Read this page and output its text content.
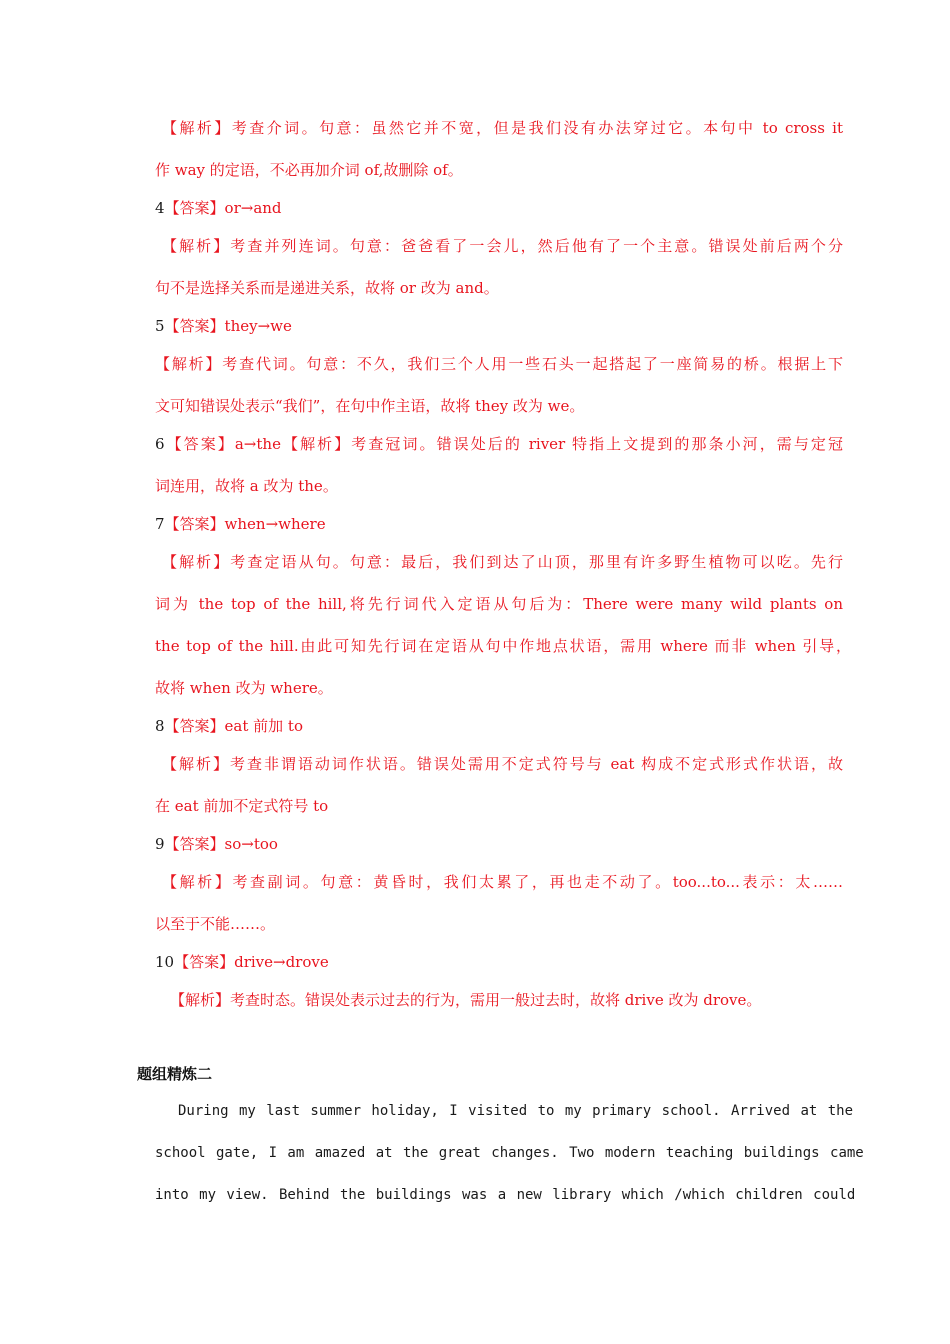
【解析】考查介词。句意：虽然它并不宽，但是我们没有办法穿过它。本句中 to cross it
作 way 的定语，不必再加介词 of,故删除 of。
4【答案】or→and
【解析】考查并列连词。句意：爸爸看了一会儿，然后他有了一个主意。错误处前后两个分
句不是选择关系而是递进关系，故将 or 改为 and。
5【答案】they→we
【解析】考查代词。句意：不久，我们三个人用一些石头一起搭起了一座简易的桥。根据上下
文可知错误处表示“我们”，在句中作主语，故将 they 改为 we。
6【答案】a→the【解析】考查冠词。错误处后的 river 特指上文提到的那条小河，需与定冠
词连用，故将 a 改为 the。
7【答案】when→where
【解析】考查定语从句。句意：最后，我们到达了山顶，那里有许多野生植物可以吃。先行
词为 the top of the hill,将先行词代入定语从句后为：There were many wild plants on
the top of the hill.由此可知先行词在定语从句中作地点状语，需用 where 而非 when 引导，
故将 when 改为 where。
8【答案】eat 前加 to
【解析】考查非谓语动词作状语。错误处需用不定式符号与 eat 构成不定式形式作状语，故
在 eat 前加不定式符号 to
9【答案】so→too
【解析】考查副词。句意：黄昏时，我们太累了，再也走不动了。too...to...表示：太……
以至于不能……。
10【答案】drive→drove
【解析】考查时态。错误处表示过去的行为，需用一般过去时，故将 drive 改为 drove。
题组精炼二
During my last summer holiday, I visited to my primary school. Arrived at the
school gate, I am amazed at the great changes. Two modern teaching buildings came
into my view. Behind the buildings was a new library which /which children could
